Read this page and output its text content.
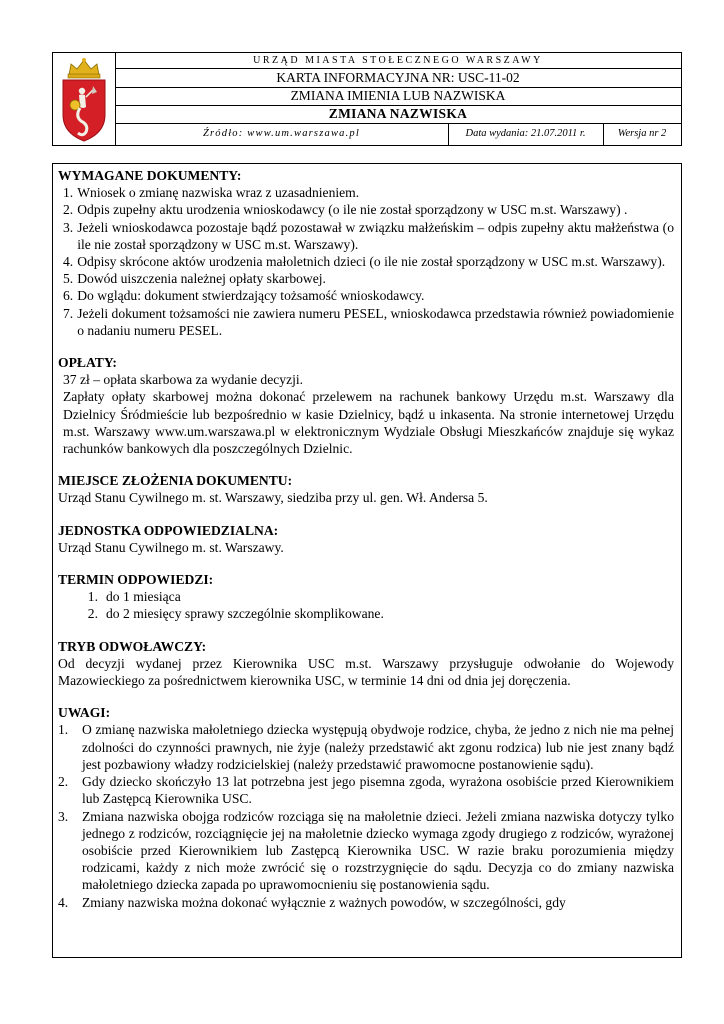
URZĄD MIASTA STOŁECZNEGO WARSZAWY
KARTA INFORMACYJNA NR: USC-11-02
ZMIANA IMIENIA LUB NAZWISKA
ZMIANA NAZWISKA
Źródło: www.um.warszawa.pl	Data wydania: 21.07.2011 r.	Wersja nr 2
WYMAGANE DOKUMENTY:
1. Wniosek o zmianę nazwiska wraz z uzasadnieniem.
2. Odpis zupełny aktu urodzenia wnioskodawcy (o ile nie został sporządzony w USC m.st. Warszawy) .
3. Jeżeli wnioskodawca pozostaje bądź pozostawał w związku małżeńskim – odpis zupełny aktu małżeństwa (o ile nie został sporządzony w USC m.st. Warszawy).
4. Odpisy skrócone aktów urodzenia małoletnich dzieci (o ile nie został sporządzony w USC m.st. Warszawy).
5. Dowód uiszczenia należnej opłaty skarbowej.
6. Do wglądu: dokument stwierdzający tożsamość wnioskodawcy.
7. Jeżeli dokument tożsamości nie zawiera numeru PESEL, wnioskodawca przedstawia również powiadomienie o nadaniu numeru PESEL.
OPŁATY:
37 zł – opłata skarbowa za wydanie decyzji.
Zapłaty opłaty skarbowej można dokonać przelewem na rachunek bankowy Urzędu m.st. Warszawy dla Dzielnicy Śródmieście lub bezpośrednio w kasie Dzielnicy, bądź u inkasenta. Na stronie internetowej Urzędu m.st. Warszawy www.um.warszawa.pl w elektronicznym Wydziale Obsługi Mieszkańców znajduje się wykaz rachunków bankowych dla poszczególnych Dzielnic.
MIEJSCE ZŁOŻENIA DOKUMENTU:
Urząd Stanu Cywilnego m. st. Warszawy, siedziba przy ul. gen. Wł. Andersa 5.
JEDNOSTKA ODPOWIEDZIALNA:
Urząd Stanu Cywilnego m. st. Warszawy.
TERMIN ODPOWIEDZI:
1. do 1 miesiąca
2. do 2 miesięcy sprawy szczególnie skomplikowane.
TRYB ODWOŁAWCZY:
Od decyzji wydanej przez Kierownika USC m.st. Warszawy przysługuje odwołanie do Wojewody Mazowieckiego za pośrednictwem kierownika USC, w terminie 14 dni od dnia jej doręczenia.
UWAGI:
1.	O zmianę nazwiska małoletniego dziecka występują obydwoje rodzice, chyba, że jedno z nich nie ma pełnej zdolności do czynności prawnych, nie żyje (należy przedstawić akt zgonu rodzica) lub nie jest znany bądź jest pozbawiony władzy rodzicielskiej (należy przedstawić prawomocne postanowienie sądu).
2.	Gdy dziecko skończyło 13 lat potrzebna jest jego pisemna zgoda, wyrażona osobiście przed Kierownikiem lub Zastępcą Kierownika USC.
3.	Zmiana nazwiska obojga rodziców rozciąga się na małoletnie dzieci. Jeżeli zmiana nazwiska dotyczy tylko jednego z rodziców, rozciągnięcie jej na małoletnie dziecko wymaga zgody drugiego z rodziców, wyrażonej osobiście przed Kierownikiem lub Zastępcą Kierownika USC. W razie braku porozumienia między rodzicami, każdy z nich może zwrócić się o rozstrzygnięcie do sądu. Decyzja co do zmiany nazwiska małoletniego dziecka zapada po uprawomocnieniu się postanowienia sądu.
4.	Zmiany nazwiska można dokonać wyłącznie z ważnych powodów, w szczególności, gdy
